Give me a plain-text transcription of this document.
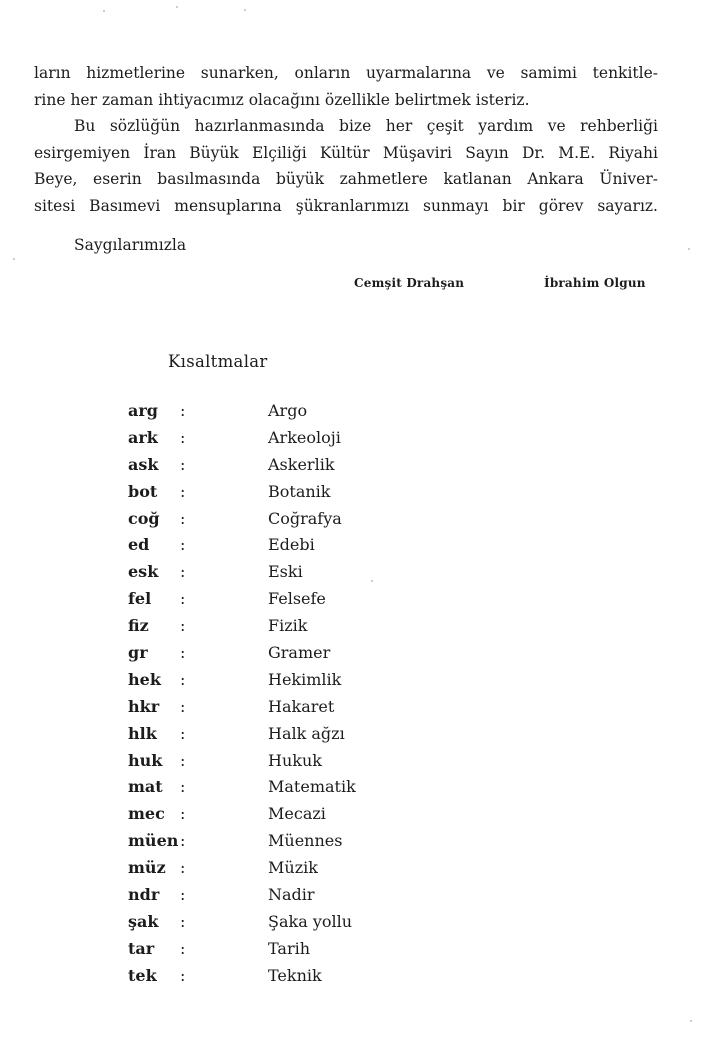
ların hizmetlerine sunarken, onların uyarmalarına ve samimi tenkitle-

rine her zaman ihtiyacımız olacağını özellikle belirtmek isteriz.

Bu sözlüğün hazırlanmasında bize her çeşit yardım ve rehberliği

esirgemiyen İran Büyük Elçiliği Kültür Müşaviri Sayın Dr. M.E. Riyahi

Beye, eserin basılmasında büyük zahmetlere katlanan Ankara Üniver-

sitesi Basımevi mensuplarına şükranlarımızı sunmayı bir görev sayarız.

Saygılarımızla
Cemşit Drahşan	İbrahim Olgun
Kısaltmalar
arg :	Argo
ark :	Arkeoloji
ask :	Askerlik
bot :	Botanik
coğ :	Coğrafya
ed :	Edebi
esk :	Eski
fel :	Felsefe
fiz :	Fizik
gr :	Gramer
hek :	Hekimlik
hkr :	Hakaret
hlk :	Halk ağzı
huk :	Hukuk
mat :	Matematik
mec :	Mecazi
müen :	Müennes
müz :	Müzik
ndr :	Nadir
şak :	Şaka yollu
tar :	Tarih
tek :	Teknik
